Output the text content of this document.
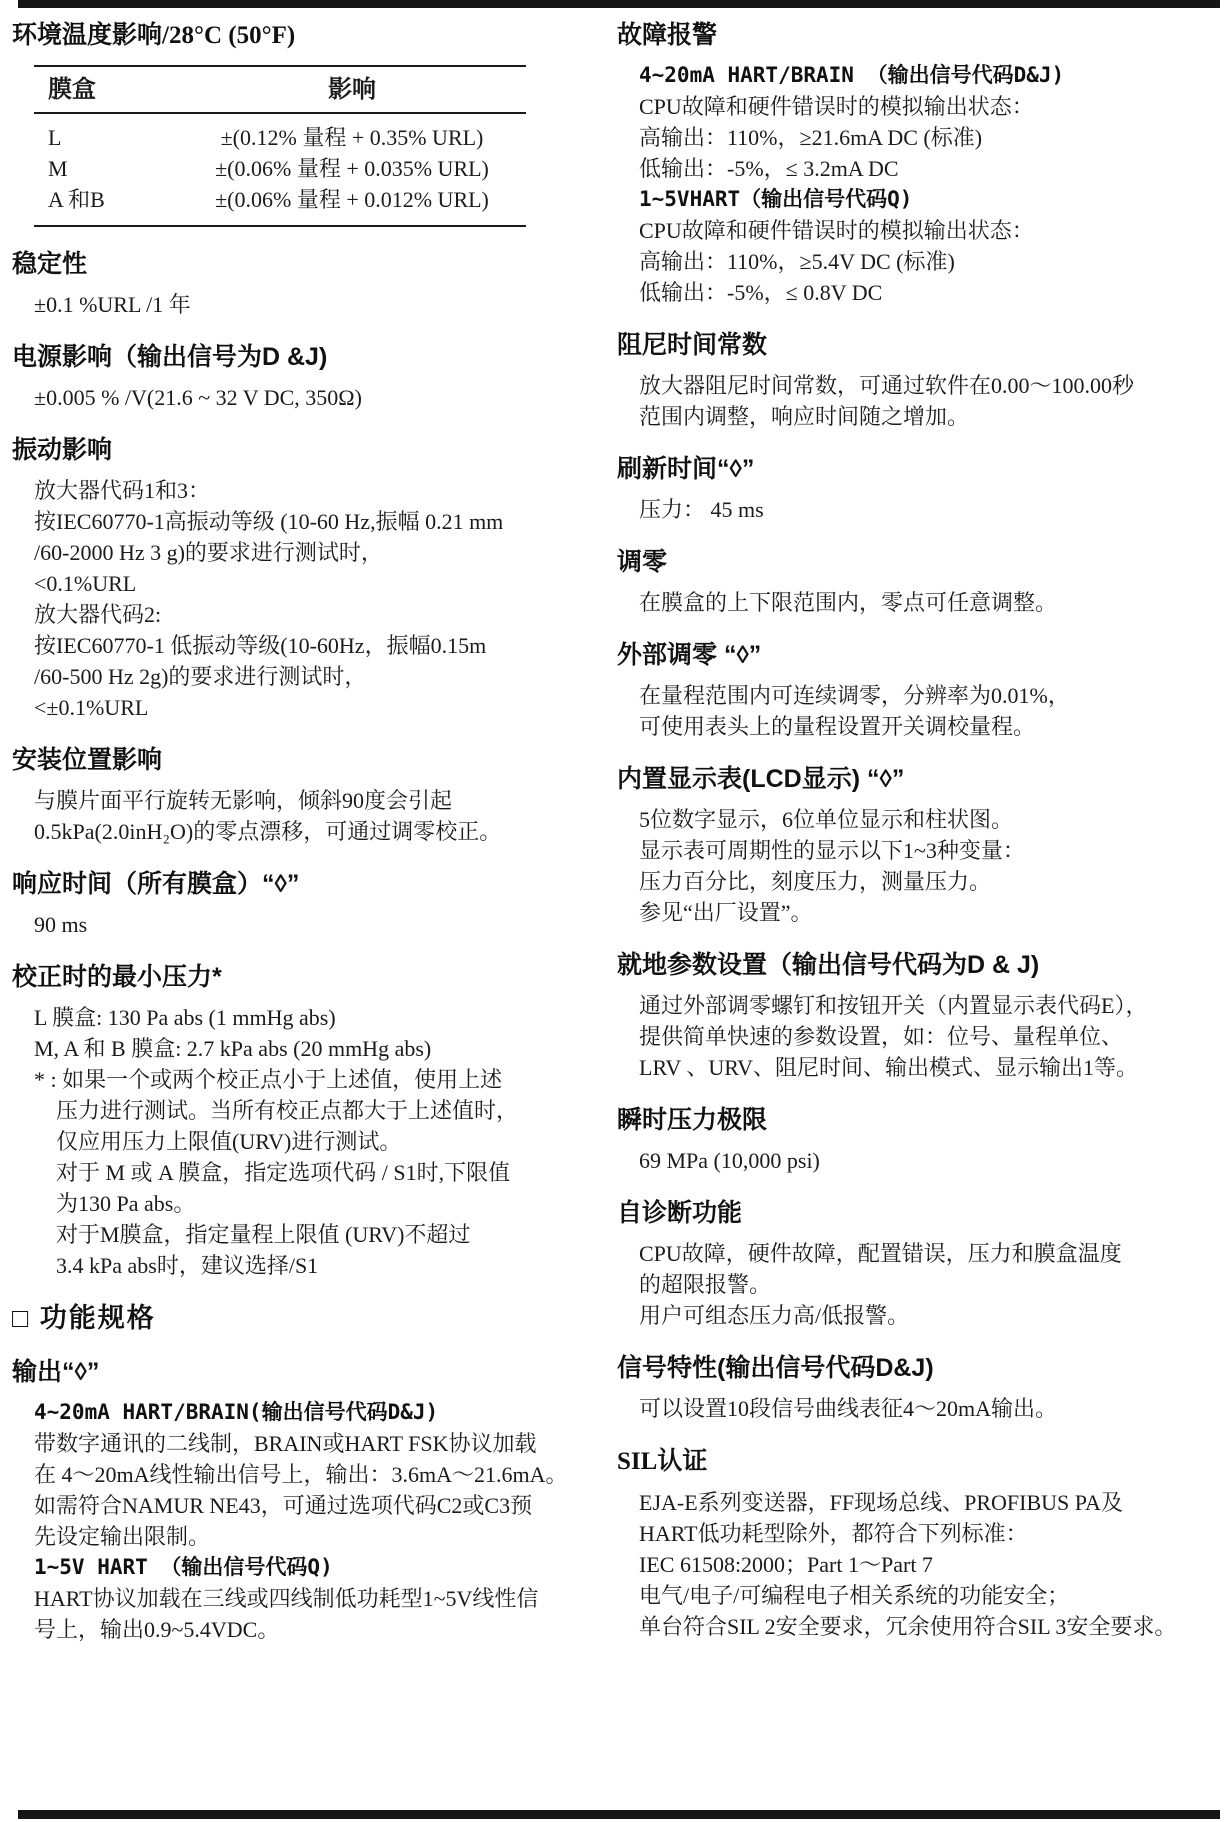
环境温度影响/28°C (50°F)
膜盒	影响
L	±(0.12% 量程 + 0.35% URL)
M	±(0.06% 量程 + 0.035% URL)
A 和B	±(0.06% 量程 + 0.012% URL)
稳定性
±0.1 %URL /1 年
电源影响（输出信号为D &J)
±0.005 % /V(21.6 ~ 32 V DC, 350Ω)
振动影响
放大器代码1和3：
按IEC60770-1高振动等级 (10-60 Hz,振幅 0.21 mm
/60-2000 Hz 3 g)的要求进行测试时，
<0.1%URL
放大器代码2:
按IEC60770-1 低振动等级(10-60Hz，振幅0.15m
/60-500 Hz 2g)的要求进行测试时，
<±0.1%URL
安装位置影响
与膜片面平行旋转无影响，倾斜90度会引起
0.5kPa(2.0inH₂O)的零点漂移，可通过调零校正。
响应时间（所有膜盒）“◊”
90 ms
校正时的最小压力*
L 膜盒: 130 Pa abs (1 mmHg abs)
M, A 和 B 膜盒: 2.7 kPa abs (20 mmHg abs)
* : 如果一个或两个校正点小于上述值，使用上述
压力进行测试。当所有校正点都大于上述值时，
仅应用压力上限值(URV)进行测试。
对于 M 或 A 膜盒，指定选项代码 / S1时,下限值
为130 Pa abs。
对于M膜盒，指定量程上限值 (URV)不超过
3.4 kPa abs时，建议选择/S1
□ 功能规格
输出“◊”
4~20mA HART/BRAIN(输出信号代码D&J)
带数字通讯的二线制，BRAIN或HART FSK协议加载
在 4～20mA线性输出信号上，输出：3.6mA～21.6mA。
如需符合NAMUR NE43，可通过选项代码C2或C3预
先设定输出限制。
1~5V HART （输出信号代码Q)
HART协议加载在三线或四线制低功耗型1~5V线性信
号上，输出0.9~5.4VDC。
故障报警
4~20mA HART/BRAIN （输出信号代码D&J)
CPU故障和硬件错误时的模拟输出状态：
高输出：110%，≥21.6mA DC (标准)
低输出：-5%，≤ 3.2mA DC
1~5VHART（输出信号代码Q)
CPU故障和硬件错误时的模拟输出状态：
高输出：110%，≥5.4V DC (标准)
低输出：-5%，≤ 0.8V DC
阻尼时间常数
放大器阻尼时间常数，可通过软件在0.00～100.00秒
范围内调整，响应时间随之增加。
刷新时间“◊”
压力： 45 ms
调零
在膜盒的上下限范围内，零点可任意调整。
外部调零 “◊”
在量程范围内可连续调零，分辨率为0.01%，
可使用表头上的量程设置开关调校量程。
内置显示表(LCD显示) “◊”
5位数字显示，6位单位显示和柱状图。
显示表可周期性的显示以下1~3种变量：
压力百分比，刻度压力，测量压力。
参见“出厂设置”。
就地参数设置（输出信号代码为D & J)
通过外部调零螺钉和按钮开关（内置显示表代码E），
提供简单快速的参数设置，如：位号、量程单位、
LRV 、URV、阻尼时间、输出模式、显示输出1等。
瞬时压力极限
69 MPa (10,000 psi)
自诊断功能
CPU故障，硬件故障，配置错误，压力和膜盒温度
的超限报警。
用户可组态压力高/低报警。
信号特性(输出信号代码D&J)
可以设置10段信号曲线表征4～20mA输出。
SIL认证
EJA-E系列变送器，FF现场总线、PROFIBUS PA及
HART低功耗型除外，都符合下列标准：
IEC 61508:2000；Part 1～Part 7
电气/电子/可编程电子相关系统的功能安全；
单台符合SIL 2安全要求，冗余使用符合SIL 3安全要求。
